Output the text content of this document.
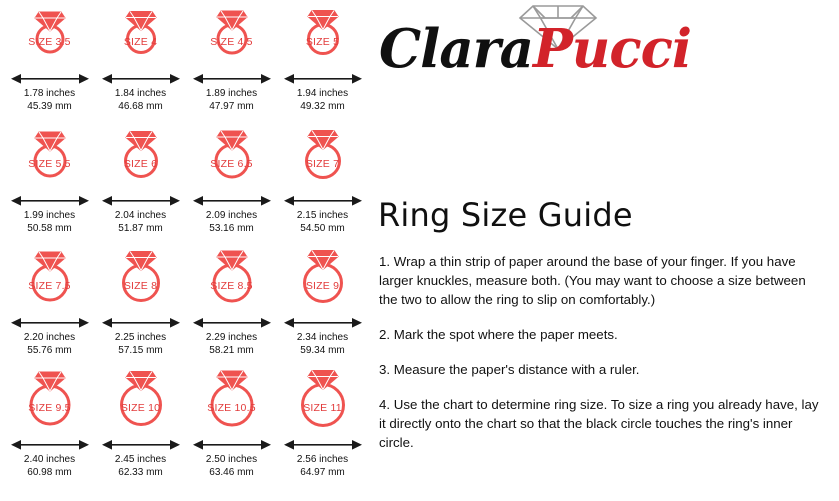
SIZE 3.5
1.78 inches
45.39 mm
SIZE 4
1.84 inches
46.68 mm
SIZE 4.5
1.89 inches
47.97 mm
SIZE 5
1.94 inches
49.32 mm
SIZE 5.5
1.99 inches
50.58 mm
SIZE 6
2.04 inches
51.87 mm
SIZE 6.5
2.09 inches
53.16 mm
SIZE 7
2.15 inches
54.50 mm
SIZE 7.5
2.20 inches
55.76 mm
SIZE 8
2.25 inches
57.15 mm
SIZE 8.5
2.29 inches
58.21 mm
SIZE 9
2.34 inches
59.34 mm
SIZE 9.5
2.40 inches
60.98 mm
SIZE 10
2.45 inches
62.33 mm
SIZE 10.5
2.50 inches
63.46 mm
SIZE 11
2.56 inches
64.97 mm
ClaraPucci
Ring Size Guide
1. Wrap a thin strip of paper around the base of your finger. If you have larger knuckles, measure both. (You may want to choose a size between the two to allow the ring to slip on comfortably.)
2. Mark the spot where the paper meets.
3. Measure the paper's distance with a ruler.
4. Use the chart to determine ring size. To size a ring you already have, lay it directly onto the chart so that the black circle touches the ring's inner circle.
